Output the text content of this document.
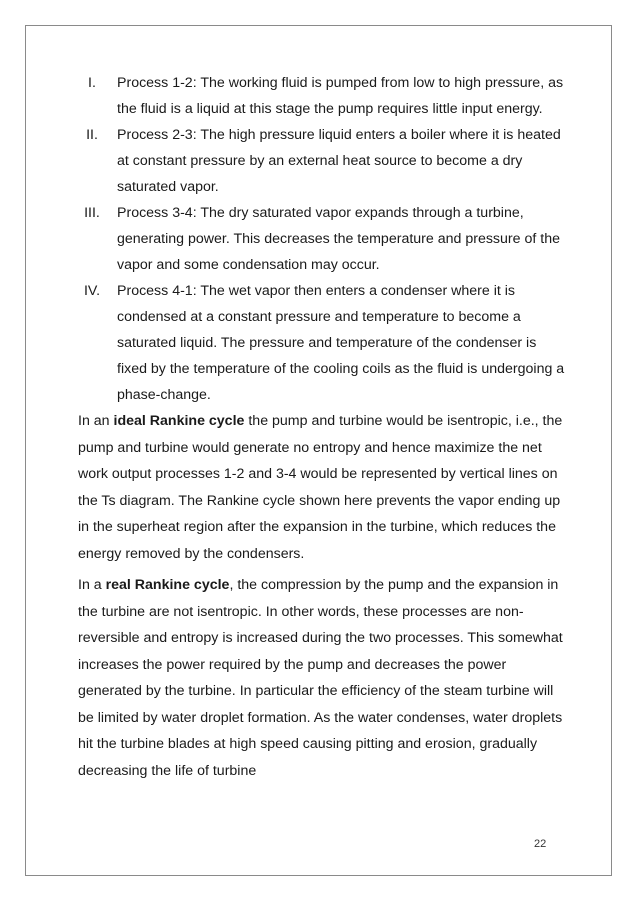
I.	Process 1-2: The working fluid is pumped from low to high pressure, as the fluid is a liquid at this stage the pump requires little input energy.
II.	Process 2-3: The high pressure liquid enters a boiler where it is heated at constant pressure by an external heat source to become a dry saturated vapor.
III.	Process 3-4: The dry saturated vapor expands through a turbine, generating power. This decreases the temperature and pressure of the vapor and some condensation may occur.
IV.	Process 4-1: The wet vapor then enters a condenser where it is condensed at a constant pressure and temperature to become a saturated liquid. The pressure and temperature of the condenser is fixed by the temperature of the cooling coils as the fluid is undergoing a phase-change.

In an ideal Rankine cycle the pump and turbine would be isentropic, i.e., the pump and turbine would generate no entropy and hence maximize the net work output processes 1-2 and 3-4 would be represented by vertical lines on the Ts diagram. The Rankine cycle shown here prevents the vapor ending up in the superheat region after the expansion in the turbine, which reduces the energy removed by the condensers.

In a real Rankine cycle, the compression by the pump and the expansion in the turbine are not isentropic. In other words, these processes are non-reversible and entropy is increased during the two processes. This somewhat increases the power required by the pump and decreases the power generated by the turbine. In particular the efficiency of the steam turbine will be limited by water droplet formation. As the water condenses, water droplets hit the turbine blades at high speed causing pitting and erosion, gradually decreasing the life of turbine

22
